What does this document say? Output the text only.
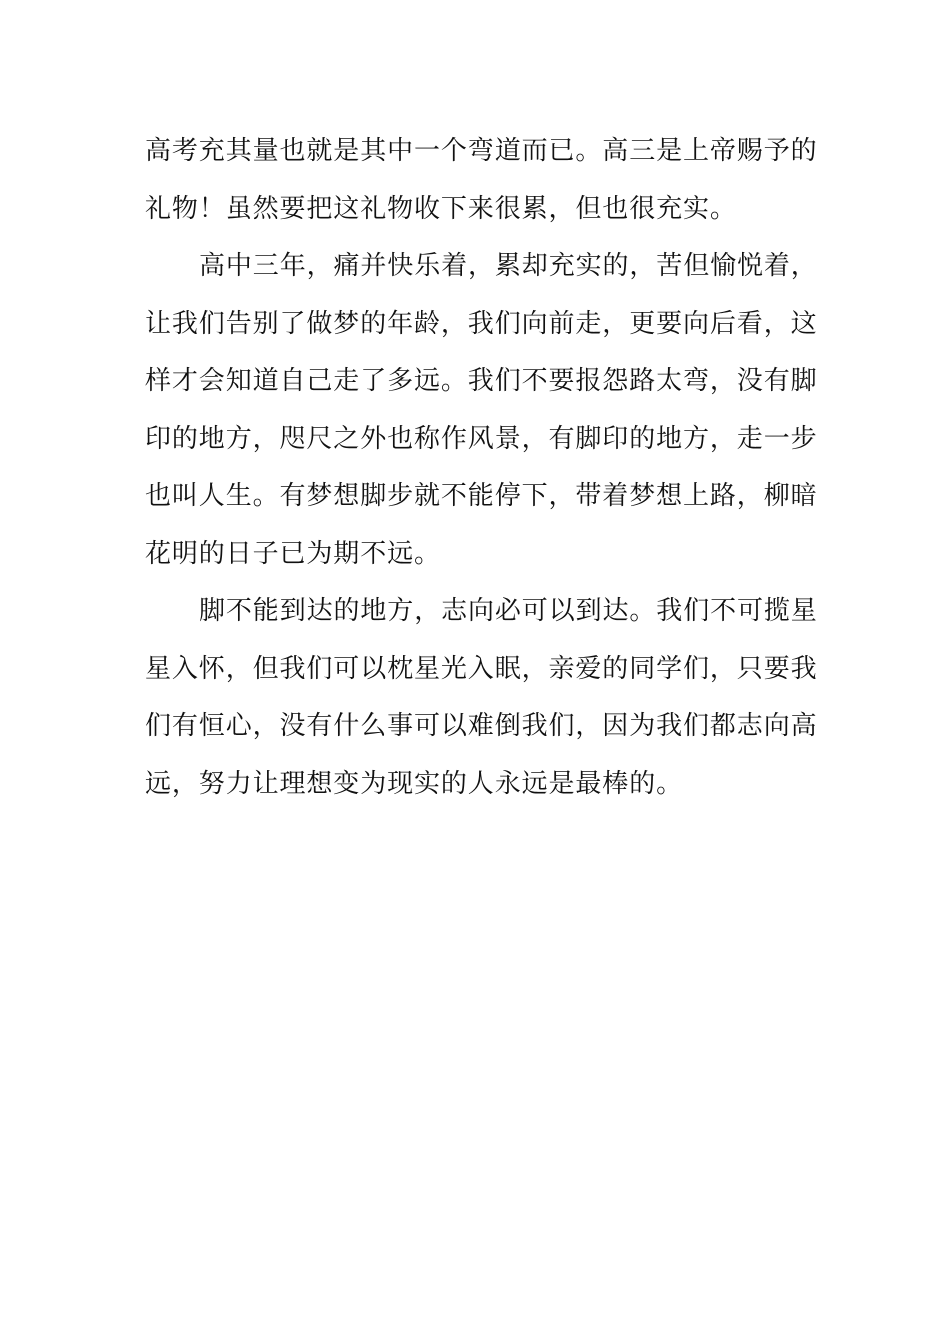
高考充其量也就是其中一个弯道而已。高三是上帝赐予的
礼物！虽然要把这礼物收下来很累，但也很充实。
高中三年，痛并快乐着，累却充实的，苦但愉悦着，
让我们告别了做梦的年龄，我们向前走，更要向后看，这
样才会知道自己走了多远。我们不要报怨路太弯，没有脚
印的地方，咫尺之外也称作风景，有脚印的地方，走一步
也叫人生。有梦想脚步就不能停下，带着梦想上路，柳暗
花明的日子已为期不远。
脚不能到达的地方，志向必可以到达。我们不可揽星
星入怀，但我们可以枕星光入眠，亲爱的同学们，只要我
们有恒心，没有什么事可以难倒我们，因为我们都志向高
远，努力让理想变为现实的人永远是最棒的。
